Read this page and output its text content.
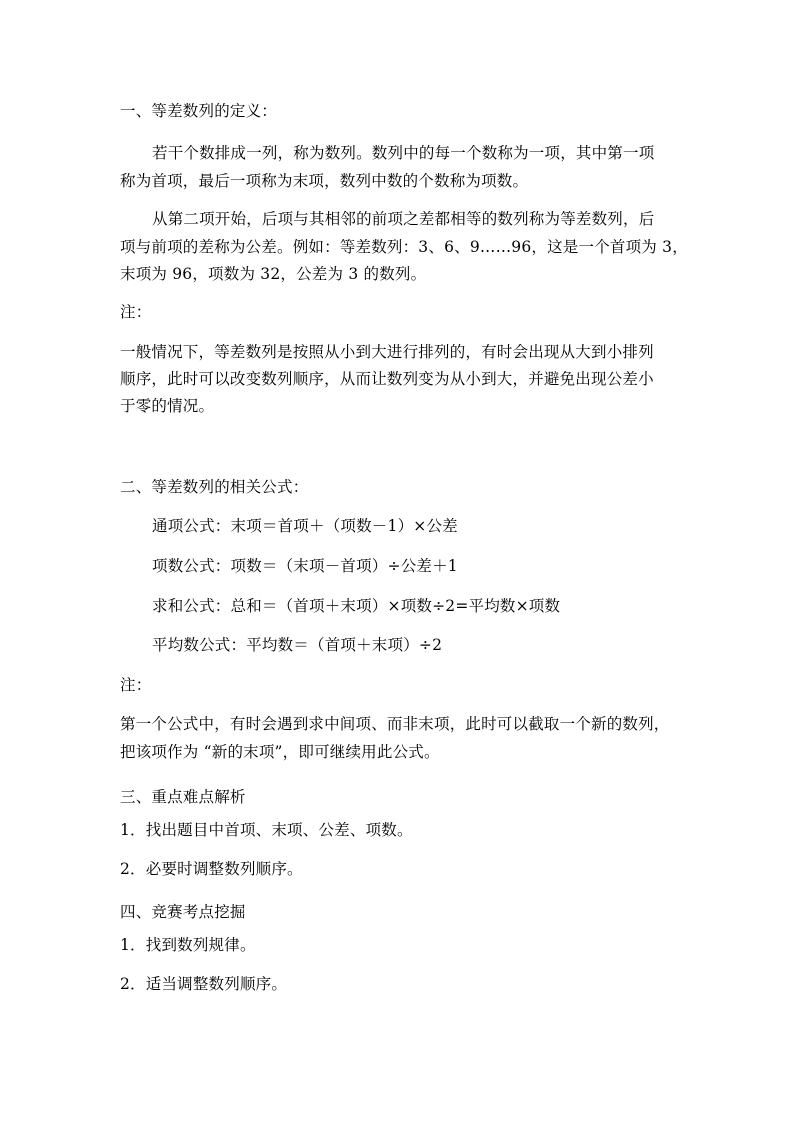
一、等差数列的定义：
若干个数排成一列，称为数列。数列中的每一个数称为一项，其中第一项
称为首项，最后一项称为末项，数列中数的个数称为项数。
从第二项开始，后项与其相邻的前项之差都相等的数列称为等差数列，后
项与前项的差称为公差。例如：等差数列：3、6、9……96，这是一个首项为 3，
末项为 96，项数为 32，公差为 3 的数列。
注：
一般情况下，等差数列是按照从小到大进行排列的，有时会出现从大到小排列
顺序，此时可以改变数列顺序，从而让数列变为从小到大，并避免出现公差小
于零的情况。
二、等差数列的相关公式：
通项公式：末项＝首项＋（项数－1）×公差
项数公式：项数＝（末项－首项）÷公差＋1
求和公式：总和＝（首项＋末项）×项数÷2=平均数×项数
平均数公式：平均数＝（首项＋末项）÷2
注：
第一个公式中，有时会遇到求中间项、而非末项，此时可以截取一个新的数列，
把该项作为 “新的末项”，即可继续用此公式。
三、重点难点解析
1．找出题目中首项、末项、公差、项数。
2．必要时调整数列顺序。
四、竞赛考点挖掘
1．找到数列规律。
2．适当调整数列顺序。
